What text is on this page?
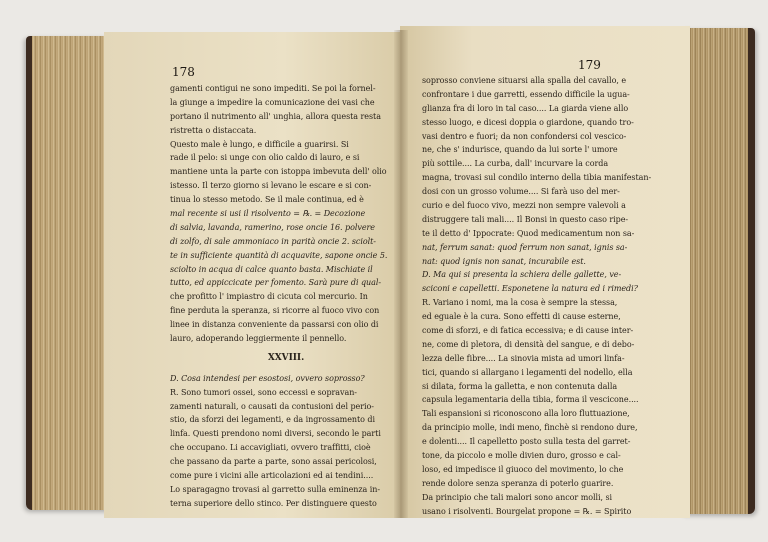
178
gamenti contigui ne sono impediti. Se poi la fornel-
la giunge a impedire la comunicazione dei vasi che
portano il nutrimento all' unghia, allora questa resta
ristretta o distaccata.
Questo male è lungo, e difficile a guarirsi. Si
rade il pelo: si unge con olio caldo di lauro, e si
mantiene unta la parte con istoppa imbevuta dell' olio
istesso. Il terzo giorno si levano le escare e si con-
tinua lo stesso metodo. Se il male continua, ed è
mal recente si usi il risolvento = ℞. = Decozione
di salvia, lavanda, ramerino, rose oncie 16. polvere
di zolfo, di sale ammoniaco in parità oncie 2. sciolt-
te in sufficiente quantità di acquavite, sapone oncie 5.
sciolto in acqua di calce quanto basta. Mischiate il
tutto, ed appiccicate per fomento. Sarà pure di qual-
che profitto l' impiastro di cicuta col mercurio. In
fine perduta la speranza, si ricorre al fuoco vivo con
linee in distanza conveniente da passarsi con olio di
lauro, adoperando leggiermente il pennello.
XXVIII.
D. Cosa intendesi per esostosi, ovvero soprosso?
R. Sono tumori ossei, sono eccessi e sopravan-
zamenti naturali, o causati da contusioni del perio-
stio, da sforzi dei legamenti, e da ingrossamento di
linfa. Questi prendono nomi diversi, secondo le parti
che occupano. Li accavigliati, ovvero traffitti, cioè
che passano da parte a parte, sono assai pericolosi,
come pure i vicini alle articolazioni ed ai tendini....
Lo sparagagno trovasi al garretto sulla eminenza in-
terna superiore dello stinco. Per distinguere questo
179
soprosso conviene situarsi alla spalla del cavallo, e
confrontare i due garretti, essendo difficile la ugua-
glianza fra di loro in tal caso.... La giarda viene allo
stesso luogo, e dicesi doppia o giardone, quando tro-
vasi dentro e fuori; da non confondersi col vescico-
ne, che s' indurisce, quando da lui sorte l' umore
più sottile.... La curba, dall' incurvare la corda
magna, trovasi sul condilo interno della tibia manifestan-
dosi con un grosso volume.... Si farà uso del mer-
curio e del fuoco vivo, mezzi non sempre valevoli a
distruggere tali mali.... Il Bonsi in questo caso ripe-
te il detto d' Ippocrate: Quod medicamentum non sa-
nat, ferrum sanat: quod ferrum non sanat, ignis sa-
nat: quod ignis non sanat, incurabile est.
D. Ma qui si presenta la schiera delle gallette, ve-
sciconi e capelletti. Esponetene la natura ed i rimedi?
R. Variano i nomi, ma la cosa è sempre la stessa,
ed eguale è la cura. Sono effetti di cause esterne,
come di sforzi, e di fatica eccessiva; e di cause inter-
ne, come di pletora, di densità del sangue, e di debo-
lezza delle fibre.... La sinovia mista ad umori linfa-
tici, quando si allargano i legamenti del nodello, ella
si dilata, forma la galletta, e non contenuta dalla
capsula legamentaria della tibia, forma il vescicone....
Tali espansioni si riconoscono alla loro fluttuazione,
da principio molle, indi meno, finchè si rendono dure,
e dolenti.... Il capelletto posto sulla testa del garret-
tone, da piccolo e molle divien duro, grosso e cal-
loso, ed impedisce il giuoco del movimento, lo che
rende dolore senza speranza di poterlo guarire.
Da principio che tali malori sono ancor molli, si
usano i risolventi. Bourgelat propone = ℞. = Spirito
